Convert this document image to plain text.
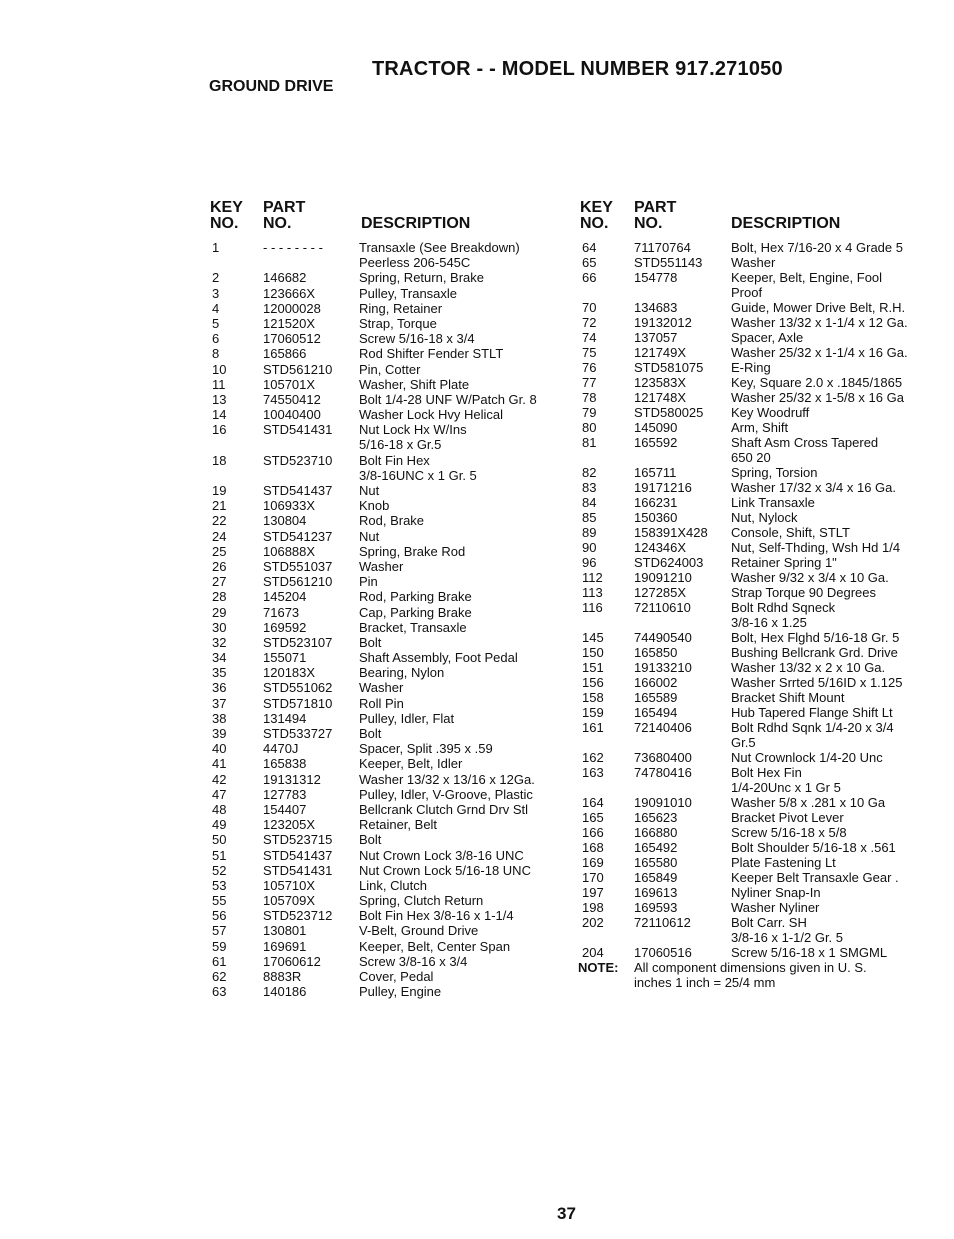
TRACTOR - - MODEL NUMBER 917.271050
GROUND DRIVE
KEY
NO.
PART
NO.	DESCRIPTION
1	- - - - - - - -	Transaxle (See Breakdown)
Peerless 206-545C
2	146682	Spring, Return, Brake
3	123666X	Pulley, Transaxle
4	12000028	Ring, Retainer
5	121520X	Strap, Torque
6	17060512	Screw 5/16-18 x 3/4
8	165866	Rod Shifter Fender STLT
10	STD561210 Pin, Cotter
11	105701X	Washer, Shift Plate
13	74550412	Bolt 1/4-28 UNF W/Patch Gr. 8
14	10040400	Washer Lock Hvy Helical
16	STD541431 Nut Lock Hx W/Ins
5/16-18 x Gr.5
18	STD523710 Bolt Fin Hex
3/8-16UNC x 1 Gr. 5
19	STD541437 Nut
21	106933X	Knob
22	130804	Rod, Brake
24	STD541237 Nut
25	106888X	Spring, Brake Rod
26	STD551037 Washer
27	STD561210 Pin
28	145204	Rod, Parking Brake
29	71673	Cap, Parking Brake
30	169592	Bracket, Transaxle
32	STD523107 Bolt
34	155071	Shaft Assembly, Foot Pedal
35	120183X	Bearing, Nylon
36	STD551062 Washer
37	STD571810 Roll Pin
38	131494	Pulley, Idler, Flat
39	STD533727 Bolt
40	4470J	Spacer, Split .395 x .59
41	165838	Keeper, Belt, Idler
42	19131312	Washer 13/32 x 13/16 x 12Ga.
47	127783	Pulley, Idler, V-Groove, Plastic
48	154407	Bellcrank Clutch Grnd Drv Stl
49	123205X	Retainer, Belt
50	STD523715 Bolt
51	STD541437 Nut Crown Lock 3/8-16 UNC
52	STD541431 Nut Crown Lock 5/16-18 UNC
53	105710X	Link, Clutch
55	105709X	Spring, Clutch Return
56	STD523712 Bolt Fin Hex 3/8-16 x 1-1/4
57	130801	V-Belt, Ground Drive
59	169691	Keeper, Belt, Center Span
61	17060612	Screw 3/8-16 x 3/4
62	8883R	Cover, Pedal
63	140186	Pulley, Engine
KEY
NO.
PART
NO.	DESCRIPTION
64	71170764	Bolt, Hex 7/16-20 x 4 Grade 5
65	STD551143 Washer
66	154778	Keeper, Belt, Engine, Fool
Proof
70	134683	Guide, Mower Drive Belt, R.H.
72	19132012	Washer 13/32 x 1-1/4 x 12 Ga.
74	137057	Spacer, Axle
75	121749X	Washer 25/32 x 1-1/4 x 16 Ga.
76	STD581075 E-Ring
77	123583X	Key, Square 2.0 x .1845/1865
78	121748X	Washer 25/32 x 1-5/8 x 16 Ga
79	STD580025 Key Woodruff
80	145090	Arm, Shift
81	165592	Shaft Asm Cross Tapered
650 20
82	165711	Spring, Torsion
83	19171216	Washer 17/32 x 3/4 x 16 Ga.
84	166231	Link Transaxle
85	150360	Nut, Nylock
89	158391X428 Console, Shift, STLT
90	124346X	Nut, Self-Thding, Wsh Hd 1/4
96	STD624003 Retainer Spring 1"
112 19091210	Washer 9/32 x 3/4 x 10 Ga.
113 127285X	Strap Torque 90 Degrees
116 72110610	Bolt Rdhd Sqneck
3/8-16 x 1.25
145 74490540	Bolt, Hex Flghd 5/16-18 Gr. 5
150 165850	Bushing Bellcrank Grd. Drive
151 19133210	Washer 13/32 x 2 x 10 Ga.
156 166002	Washer Srrted 5/16ID x 1.125
158 165589	Bracket Shift Mount
159 165494	Hub Tapered Flange Shift Lt
161 72140406	Bolt Rdhd Sqnk 1/4-20 x 3/4
Gr.5
162 73680400	Nut Crownlock 1/4-20 Unc
163 74780416	Bolt Hex Fin
1/4-20Unc x 1 Gr 5
164 19091010	Washer 5/8 x .281 x 10 Ga
165 165623	Bracket Pivot Lever
166 166880	Screw 5/16-18 x 5/8
168 165492	Bolt Shoulder 5/16-18 x .561
169 165580	Plate Fastening Lt
170 165849	Keeper Belt Transaxle Gear .
197 169613	Nyliner Snap-In
198 169593	Washer Nyliner
202 72110612	Bolt Carr. SH
3/8-16 x 1-1/2 Gr. 5
204 17060516	Screw 5/16-18 x 1 SMGML
NOTE: All component dimensions given in U. S.
inches 1 inch = 25/4 mm
37
